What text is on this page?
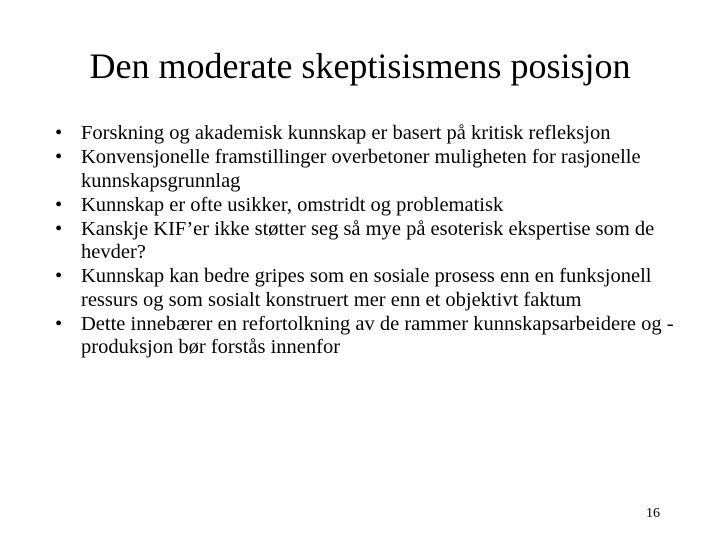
Den moderate skeptisismens posisjon
• Forskning og akademisk kunnskap er basert på kritisk refleksjon
• Konvensjonelle framstillinger overbetoner muligheten for rasjonelle kunnskapsgrunnlag
• Kunnskap er ofte usikker, omstridt og problematisk
• Kanskje KIF’er ikke støtter seg så mye på esoterisk ekspertise som de hevder?
• Kunnskap kan bedre gripes som en sosiale prosess enn en funksjonell ressurs og som sosialt konstruert mer enn et objektivt faktum
• Dette innebærer en refortolkning av de rammer kunnskapsarbeidere og -produksjon bør forstås innenfor
16
